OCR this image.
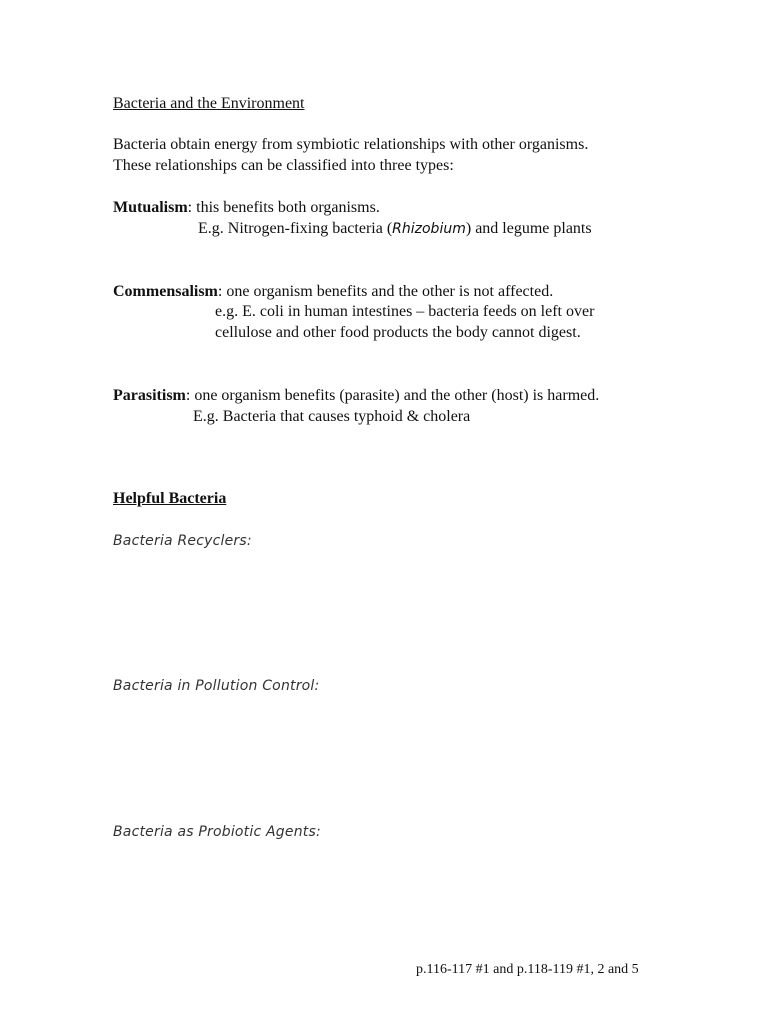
Bacteria and the Environment
Bacteria obtain energy from symbiotic relationships with other organisms.
These relationships can be classified into three types:
Mutualism: this benefits both organisms.
E.g. Nitrogen-fixing bacteria (Rhizobium) and legume plants
Commensalism: one organism benefits and the other is not affected.
e.g. E. coli in human intestines – bacteria feeds on left over
cellulose and other food products the body cannot digest.
Parasitism: one organism benefits (parasite) and the other (host) is harmed.
E.g. Bacteria that causes typhoid & cholera
Helpful Bacteria
Bacteria Recyclers:
Bacteria in Pollution Control:
Bacteria as Probiotic Agents:
p.116-117 #1 and p.118-119 #1, 2 and 5
